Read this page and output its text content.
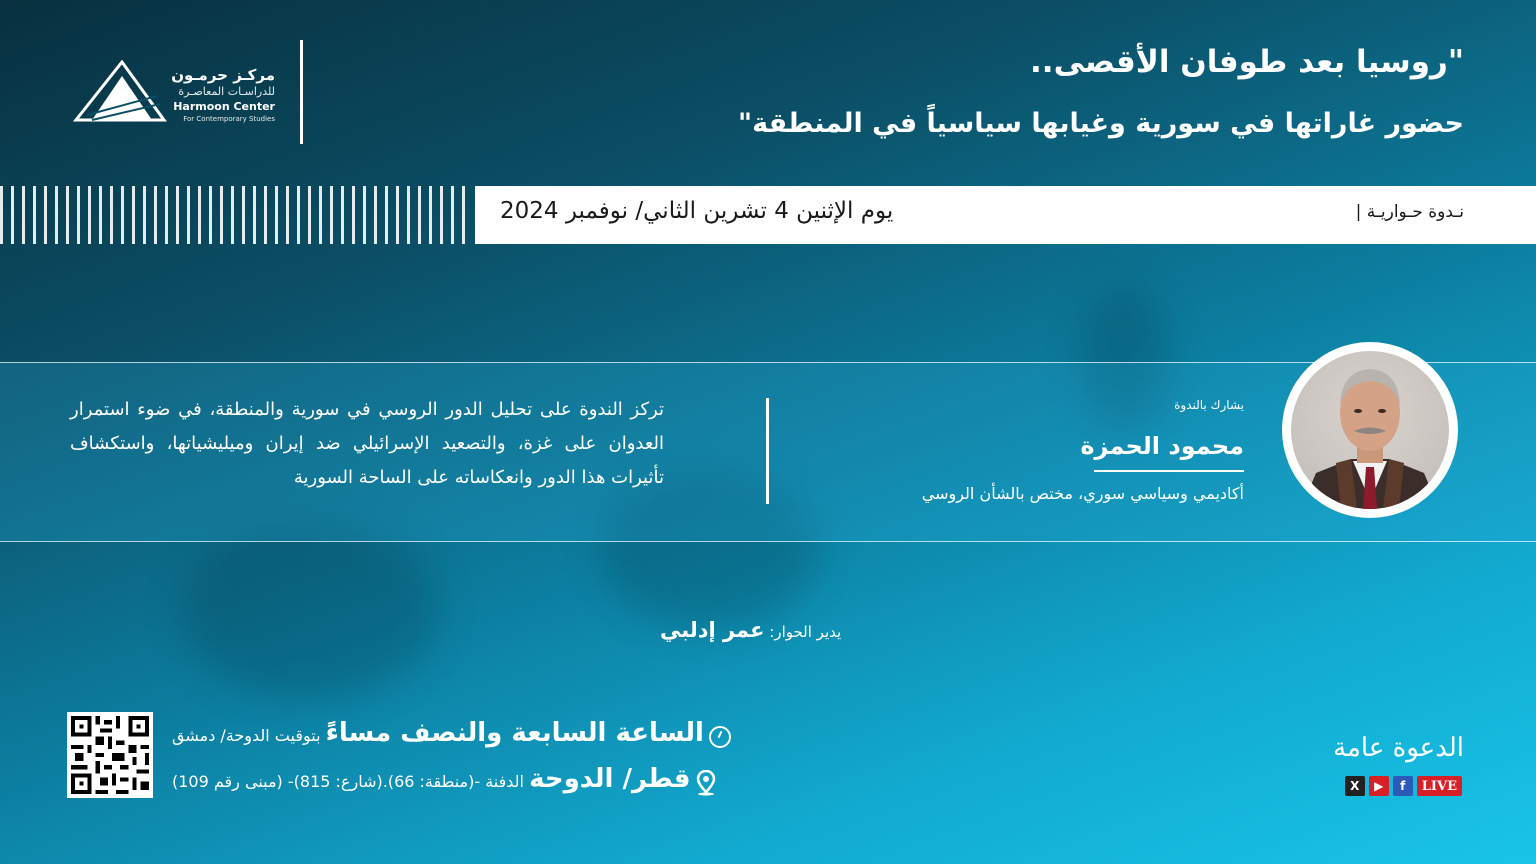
مركـز حرمـون
للدراسـات المعاصـرة
Harmoon Center
For Contemporary Studies
"روسيا بعد طوفان الأقصى..
حضور غاراتها في سورية وغيابها سياسياً في المنطقة"
نـدوة حـواريـة |
يوم الإثنين 4 تشرين الثاني/ نوفمبر 2024
يشارك بالندوة
محمود الحمزة
أكاديمي وسياسي سوري، مختص بالشأن الروسي
تركز الندوة على تحليل الدور الروسي في سورية والمنطقة، في ضوء استمرار العدوان على غزة، والتصعيد الإسرائيلي ضد إيران وميليشياتها، واستكشاف تأثيرات هذا الدور وانعكاساته على الساحة السورية
يدير الحوار: عمر إدلبي
الساعة السابعة والنصف مساءً بتوقيت الدوحة/ دمشق
قطر/ الدوحة الدفنة -(منطقة: 66).(شارع: 815)- (مبنى رقم 109)
الدعوة عامة
X	▶	f	LIVE
